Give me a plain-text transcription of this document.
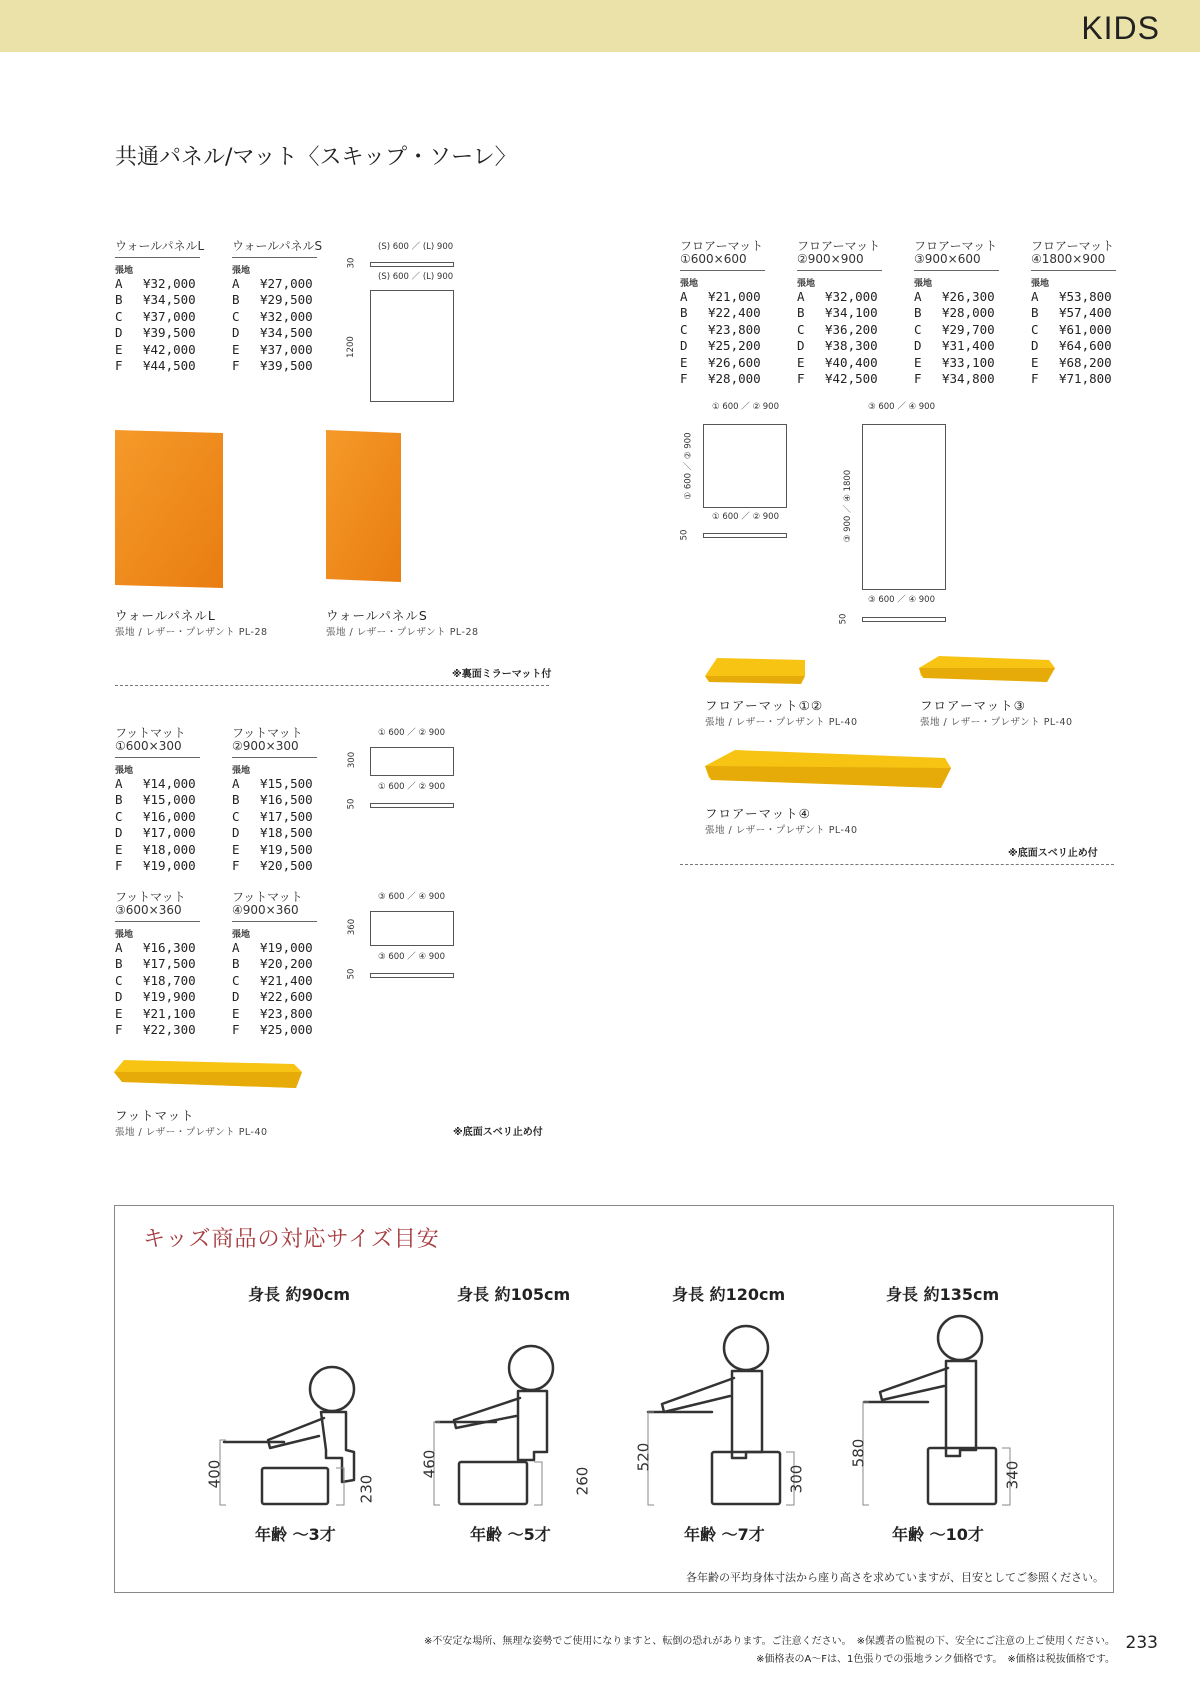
KIDS
共通パネル/マット〈スキップ・ソーレ〉
ウォールパネルL
張地
A	¥32,000
B	¥34,500
C	¥37,000
D	¥39,500
E	¥42,000
F	¥44,500
ウォールパネルS
張地
A	¥27,000
B	¥29,500
C	¥32,000
D	¥34,500
E	¥37,000
F	¥39,500
(S) 600 ／ (L) 900
30
(S) 600 ／ (L) 900
1200
ウォールパネルL
張地 / レザー・プレザント PL-28
ウォールパネルS
張地 / レザー・プレザント PL-28
※裏面ミラーマット付
フットマット
①600×300
張地
A	¥14,000
B	¥15,000
C	¥16,000
D	¥17,000
E	¥18,000
F	¥19,000
フットマット
②900×300
張地
A	¥15,500
B	¥16,500
C	¥17,500
D	¥18,500
E	¥19,500
F	¥20,500
① 600 ／ ② 900
300
① 600 ／ ② 900
50
フットマット
③600×360
張地
A	¥16,300
B	¥17,500
C	¥18,700
D	¥19,900
E	¥21,100
F	¥22,300
フットマット
④900×360
張地
A	¥19,000
B	¥20,200
C	¥21,400
D	¥22,600
E	¥23,800
F	¥25,000
③ 600 ／ ④ 900
360
③ 600 ／ ④ 900
50
フットマット
張地 / レザー・プレザント PL-40	※底面スベリ止め付
フロアーマット
①600×600
張地
A	¥21,000
B	¥22,400
C	¥23,800
D	¥25,200
E	¥26,600
F	¥28,000
フロアーマット
②900×900
張地
A	¥32,000
B	¥34,100
C	¥36,200
D	¥38,300
E	¥40,400
F	¥42,500
フロアーマット
③900×600
張地
A	¥26,300
B	¥28,000
C	¥29,700
D	¥31,400
E	¥33,100
F	¥34,800
フロアーマット
④1800×900
張地
A	¥53,800
B	¥57,400
C	¥61,000
D	¥64,600
E	¥68,200
F	¥71,800
① 600 ／ ② 900
① 600 ／ ② 900
① 600 ／ ② 900
50
③ 600 ／ ④ 900
③ 900 ／ ④ 1800
③ 600 ／ ④ 900
50
フロアーマット①②
張地 / レザー・プレザント PL-40
フロアーマット③
張地 / レザー・プレザント PL-40
フロアーマット④
張地 / レザー・プレザント PL-40
※底面スベリ止め付
キッズ商品の対応サイズ目安
身長 約90cm	身長 約105cm	身長 約120cm	身長 約135cm
400
230
460
260
520
300
580
340
年齢 ～3才	年齢 ～5才	年齢 ～7才	年齢 ～10才
各年齢の平均身体寸法から座り高さを求めていますが、目安としてご参照ください。
※不安定な場所、無理な姿勢でご使用になりますと、転倒の恐れがあります。ご注意ください。　※保護者の監視の下、安全にご注意の上ご使用ください。
※価格表のA～Fは、1色張りでの張地ランク価格です。　※価格は税抜価格です。
233
